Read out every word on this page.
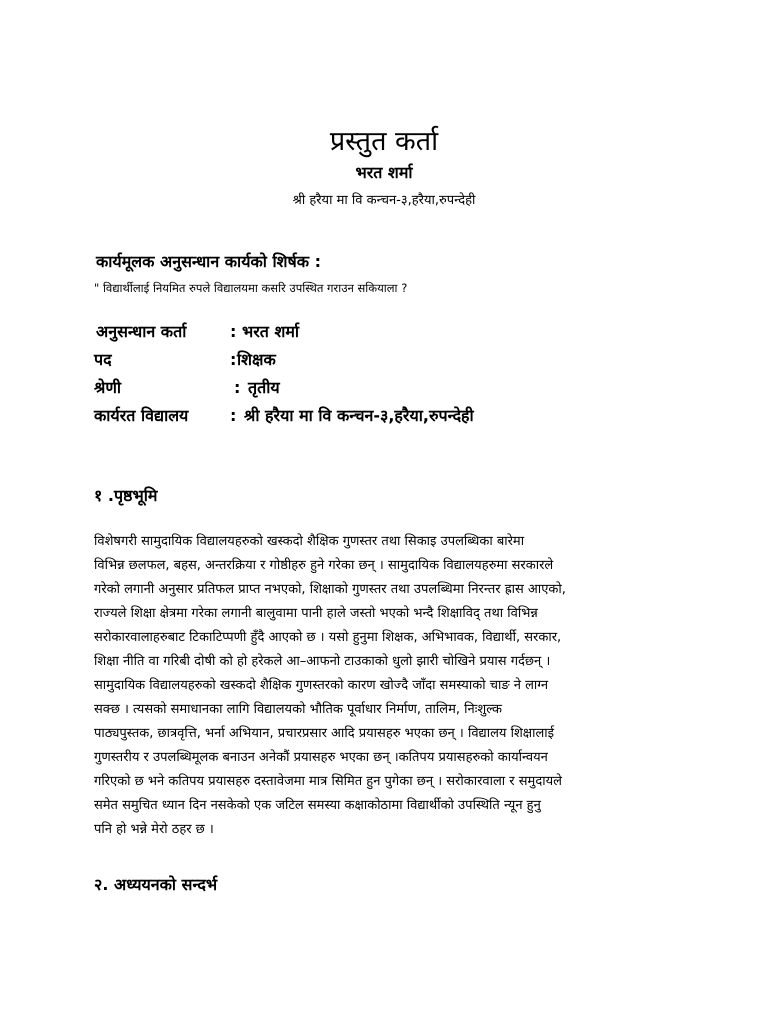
प्रस्तुत कर्ता
भरत शर्मा
श्री हरैया मा वि कन्चन-३,हरैया,रुपन्देही
कार्यमूलक अनुसन्धान कार्यको शिर्षक :
" विद्यार्थीलाई नियमित रुपले विद्यालयमा कसरि उपस्थित गराउन सकियाला ?
अनुसन्धान कर्ता	: भरत शर्मा
पद	: शिक्षक
श्रेणी	: तृतीय
कार्यरत विद्यालय	: श्री हरैया मा वि कन्चन-३,हरैया,रुपन्देही
१ .पृष्ठभूमि
विशेषगरी सामुदायिक विद्यालयहरुको खस्कदो शैक्षिक गुणस्तर तथा सिकाइ उपलब्धिका बारेमा
विभिन्न छलफल, बहस, अन्तरक्रिया र गोष्ठीहरु हुने गरेका छन् । सामुदायिक विद्यालयहरुमा सरकारले
गरेको लगानी अनुसार प्रतिफल प्राप्त नभएको, शिक्षाको गुणस्तर तथा उपलब्धिमा निरन्तर ह्रास आएको,
राज्यले शिक्षा क्षेत्रमा गरेका लगानी बालुवामा पानी हाले जस्तो भएको भन्दै शिक्षाविद् तथा विभिन्न
सरोकारवालाहरुबाट टिकाटिप्पणी हुँदै आएको छ । यसो हुनुमा शिक्षक, अभिभावक, विद्यार्थी, सरकार,
शिक्षा नीति वा गरिबी दोषी को हो हरेकले आ–आफनो टाउकाको धुलो झारी चोखिने प्रयास गर्दछन् ।
सामुदायिक विद्यालयहरुको खस्कदो शैक्षिक गुणस्तरको कारण खोज्दै जाँदा समस्याको चाङ ने लाग्न
सक्छ । त्यसको समाधानका लागि विद्यालयको भौतिक पूर्वाधार निर्माण, तालिम, निःशुल्क
पाठ्यपुस्तक, छात्रवृत्ति, भर्ना अभियान, प्रचारप्रसार आदि प्रयासहरु भएका छन् । विद्यालय शिक्षालाई
गुणस्तरीय र उपलब्धिमूलक बनाउन अनेकौं प्रयासहरु भएका छन् ।कतिपय प्रयासहरुको कार्यान्वयन
गरिएको छ भने कतिपय प्रयासहरु दस्तावेजमा मात्र सिमित हुन पुगेका छन् । सरोकारवाला र समुदायले
समेत समुचित ध्यान दिन नसकेको एक जटिल समस्या कक्षाकोठामा विद्यार्थीको उपस्थिति न्यून हुनु
पनि हो भन्ने मेरो ठहर छ ।
२. अध्ययनको सन्दर्भ
